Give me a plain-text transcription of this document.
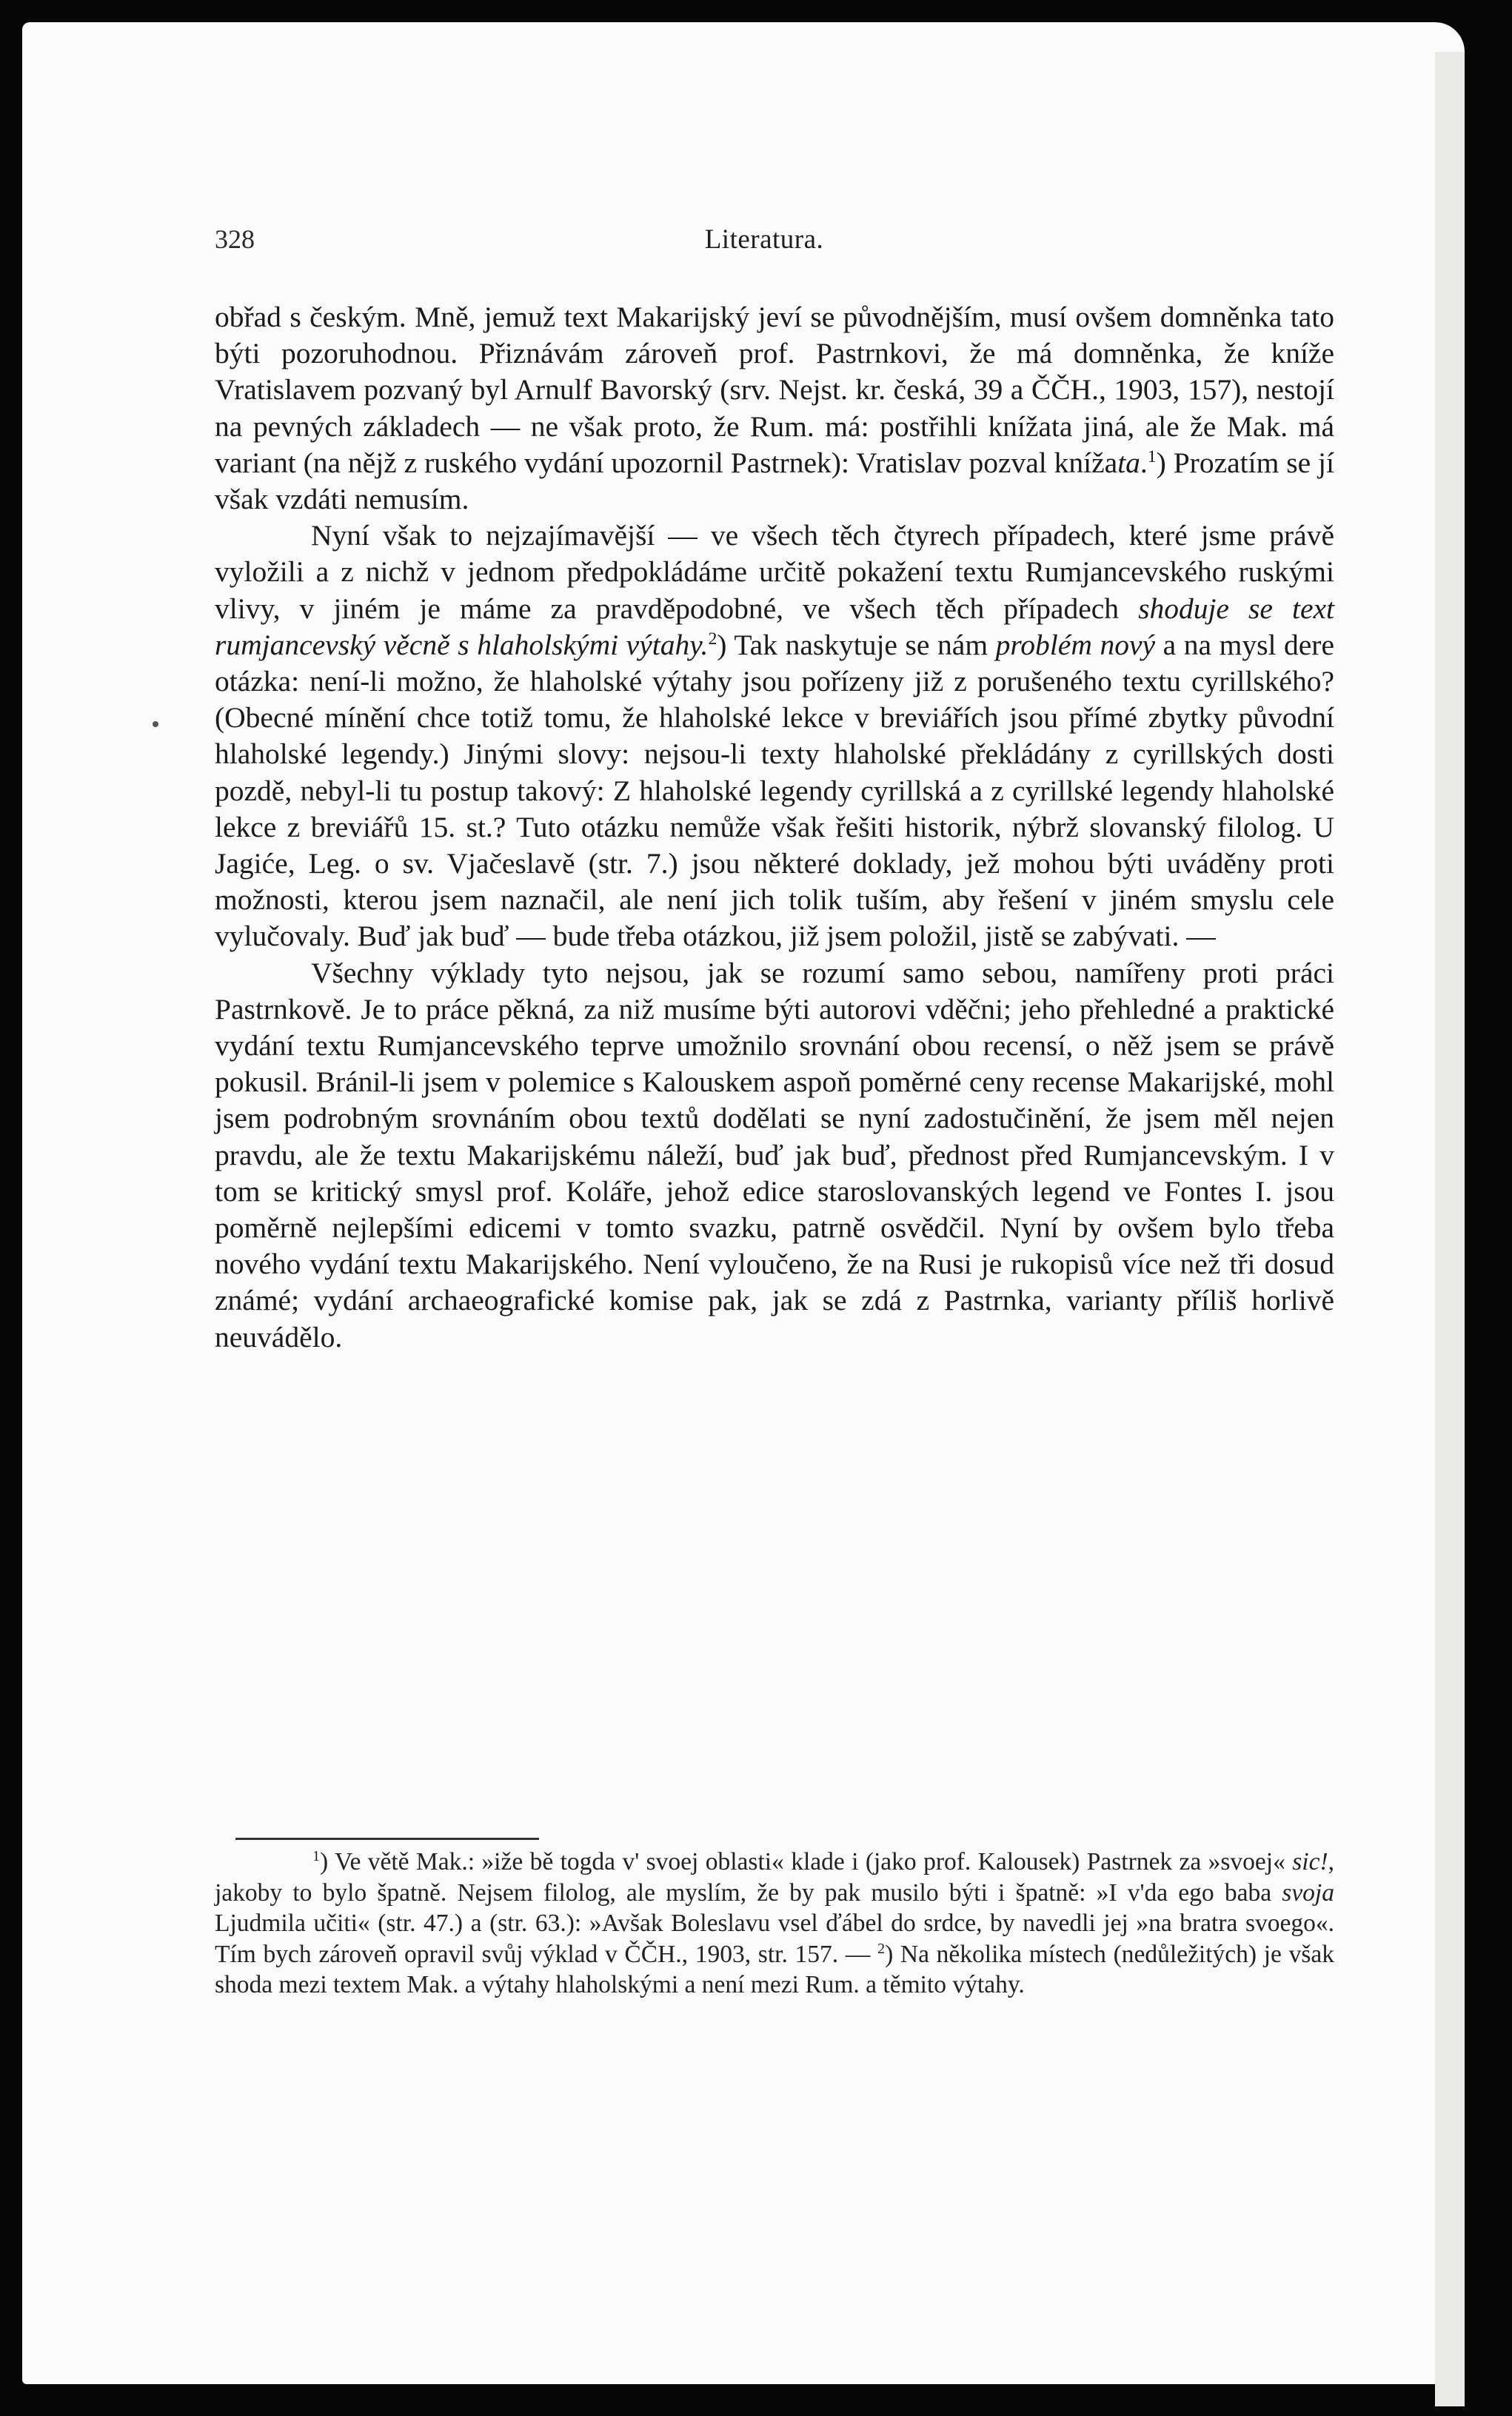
328	Literatura.

obřad s českým. Mně, jemuž text Makarijský jeví se původnějším, musí ovšem domněnka tato býti pozoruhodnou. Přiznávám zároveň prof. Pastrnkovi, že má domněnka, že kníže Vratislavem pozvaný byl Arnulf Bavorský (srv. Nejst. kr. česká, 39 a ČČH., 1903, 157), nestojí na pevných základech — ne však proto, že Rum. má: postřihli knížata jiná, ale že Mak. má variant (na nějž z ruského vydání upozornil Pastrnek): Vratislav pozval knížata.$^1$) Prozatím se jí však vzdáti nemusím.

Nyní však to nejzajímavější — ve všech těch čtyrech případech, které jsme právě vyložili a z nichž v jednom předpokládáme určitě pokažení textu Rumjancevského ruskými vlivy, v jiném je máme za pravděpodobné, ve všech těch případech shoduje se text rumjancevský věcně s hlaholskými výtahy.$^2$) Tak naskytuje se nám problém nový a na mysl dere otázka: není-li možno, že hlaholské výtahy jsou pořízeny již z porušeného textu cyrillského? (Obecné mínění chce totiž tomu, že hlaholské lekce v breviářích jsou přímé zbytky původní hlaholské legendy.) Jinými slovy: nejsou-li texty hlaholské překládány z cyrillských dosti pozdě, nebyl-li tu postup takový: Z hlaholské legendy cyrillská a z cyrillské legendy hlaholské lekce z breviářů 15. st.? Tuto otázku nemůže však řešiti historik, nýbrž slovanský filolog. U Jagiće, Leg. o sv. Vjačeslavě (str. 7.) jsou některé doklady, jež mohou býti uváděny proti možnosti, kterou jsem naznačil, ale není jich tolik tuším, aby řešení v jiném smyslu cele vylučovaly. Buď jak buď — bude třeba otázkou, již jsem položil, jistě se zabývati. —

Všechny výklady tyto nejsou, jak se rozumí samo sebou, namířeny proti práci Pastrnkově. Je to práce pěkná, za niž musíme býti autorovi vděčni; jeho přehledné a praktické vydání textu Rumjancevského teprve umožnilo srovnání obou recensí, o něž jsem se právě pokusil. Bránil-li jsem v polemice s Kalouskem aspoň poměrné ceny recense Makarijské, mohl jsem podrobným srovnáním obou textů dodělati se nyní zadostučinění, že jsem měl nejen pravdu, ale že textu Makarijskému náleží, buď jak buď, přednost před Rumjancevským. I v tom se kritický smysl prof. Koláře, jehož edice staroslovanských legend ve Fontes I. jsou poměrně nejlepšími edicemi v tomto svazku, patrně osvědčil. Nyní by ovšem bylo třeba nového vydání textu Makarijského. Není vyloučeno, že na Rusi je rukopisů více než tři dosud známé; vydání archaeografické komise pak, jak se zdá z Pastrnka, varianty příliš horlivě neuvádělo.

$^1$) Ve větě Mak.: »iže bě togda v' svoej oblasti« klade i (jako prof. Kalousek) Pastrnek za »svoej« sic!, jakoby to bylo špatně. Nejsem filolog, ale myslím, že by pak musilo býti i špatně: »I v'da ego baba svoja Ljudmila učiti« (str. 47.) a (str. 63.): »Avšak Boleslavu vsel ďábel do srdce, by navedli jej »na bratra svoego«. Tím bych zároveň opravil svůj výklad v ČČH., 1903, str. 157. — $^2$) Na několika místech (nedůležitých) je však shoda mezi textem Mak. a výtahy hlaholskými a není mezi Rum. a těmito výtahy.
